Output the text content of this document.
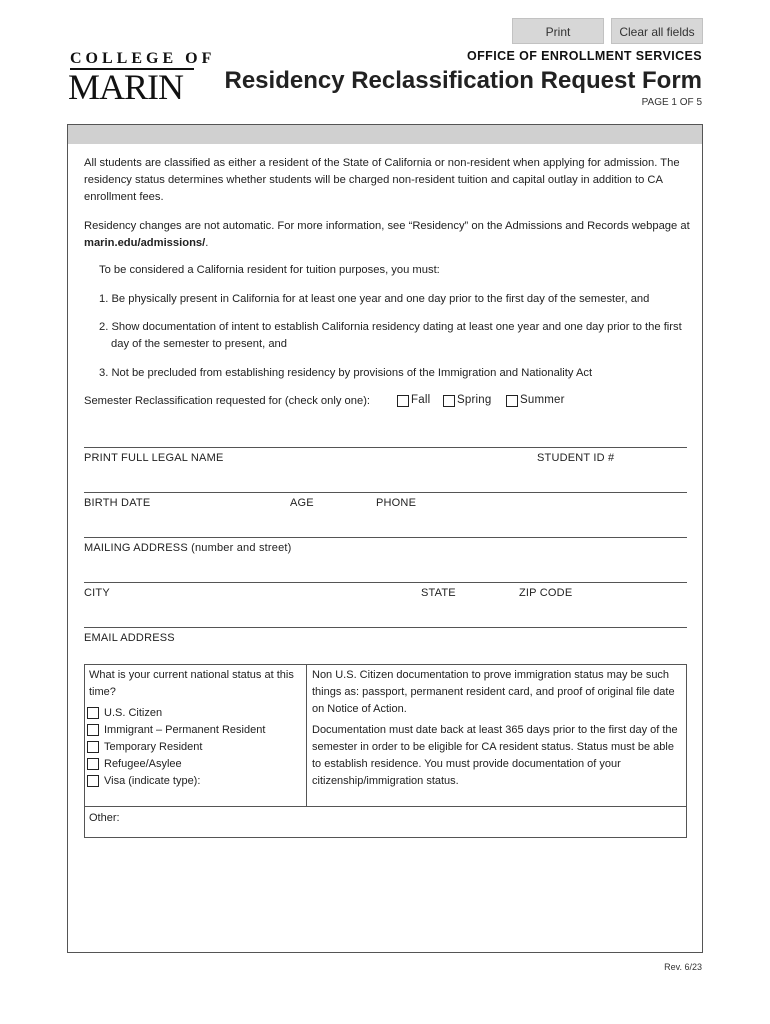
Print	Clear all fields
COLLEGE OF
MARIN
OFFICE OF ENROLLMENT SERVICES
Residency Reclassification Request Form
PAGE 1 OF 5
All students are classified as either a resident of the State of California or non-resident when applying for admission. The residency status determines whether students will be charged non-resident tuition and capital outlay in addition to CA enrollment fees.
Residency changes are not automatic. For more information, see “Residency” on the Admissions and Records webpage at marin.edu/admissions/.
To be considered a California resident for tuition purposes, you must:
1. Be physically present in California for at least one year and one day prior to the first day of the semester, and
2. Show documentation of intent to establish California residency dating at least one year and one day prior to the first day of the semester to present, and
3. Not be precluded from establishing residency by provisions of the Immigration and Nationality Act
Semester Reclassification requested for (check only one):	Fall Spring Summer
PRINT FULL LEGAL NAME	STUDENT ID #
BIRTH DATE	AGE	PHONE
MAILING ADDRESS (number and street)
CITY	STATE	ZIP CODE
EMAIL ADDRESS
What is your current national status at this time?
U.S. Citizen
Immigrant – Permanent Resident
Temporary Resident
Refugee/Asylee
Visa (indicate type):
Non U.S. Citizen documentation to prove immigration status may be such things as: passport, permanent resident card, and proof of original file date on Notice of Action.
Documentation must date back at least 365 days prior to the first day of the semester in order to be eligible for CA resident status. Status must be able to establish residence. You must provide documentation of your citizenship/immigration status.
Other:
Rev. 6/23
